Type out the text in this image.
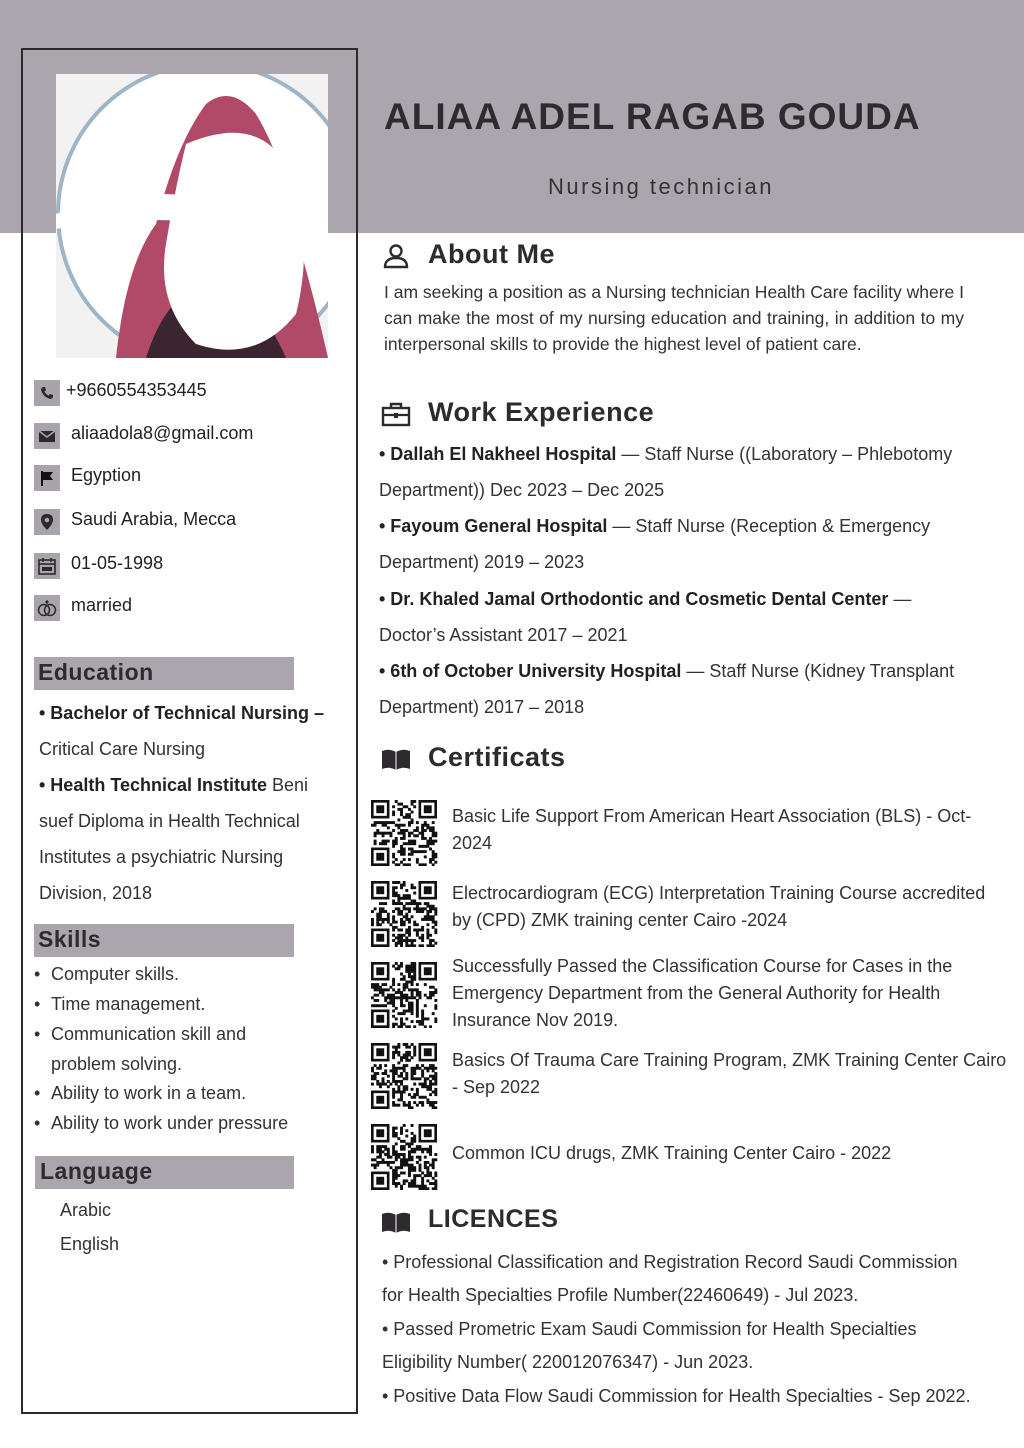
ALIAA ADEL RAGAB GOUDA
Nursing technician
+9660554353445
aliaadola8@gmail.com
Egyption
Saudi Arabia, Mecca
01-05-1998
married
Education
• Bachelor of Technical Nursing –
Critical Care Nursing
• Health Technical Institute Beni
suef Diploma in Health Technical
Institutes a psychiatric Nursing
Division, 2018
Skills
• Computer skills.
• Time management.
• Communication skill and
problem solving.
• Ability to work in a team.
• Ability to work under pressure
Language
Arabic
English
About Me

I am seeking a position as a Nursing technician Health Care facility where I can make the most of my nursing education and training, in addition to my interpersonal skills to provide the highest level of patient care.

Work Experience
• Dallah El Nakheel Hospital — Staff Nurse ((Laboratory – Phlebotomy
Department)) Dec 2023 – Dec 2025
• Fayoum General Hospital — Staff Nurse (Reception & Emergency
Department) 2019 – 2023
• Dr. Khaled Jamal Orthodontic and Cosmetic Dental Center —
Doctor’s Assistant 2017 – 2021
• 6th of October University Hospital — Staff Nurse (Kidney Transplant
Department) 2017 – 2018
Certificats
Basic Life Support From American Heart Association (BLS) - Oct-2024
Electrocardiogram (ECG) Interpretation Training Course accredited by (CPD) ZMK training center Cairo -2024
Successfully Passed the Classification Course for Cases in the Emergency Department from the General Authority for Health Insurance Nov 2019.
Basics Of Trauma Care Training Program, ZMK Training Center Cairo - Sep 2022
Common ICU drugs, ZMK Training Center Cairo - 2022
LICENCES
• Professional Classification and Registration Record Saudi Commission
for Health Specialties Profile Number(22460649) - Jul 2023.
• Passed Prometric Exam Saudi Commission for Health Specialties
Eligibility Number( 220012076347) - Jun 2023.
• Positive Data Flow Saudi Commission for Health Specialties - Sep 2022.
